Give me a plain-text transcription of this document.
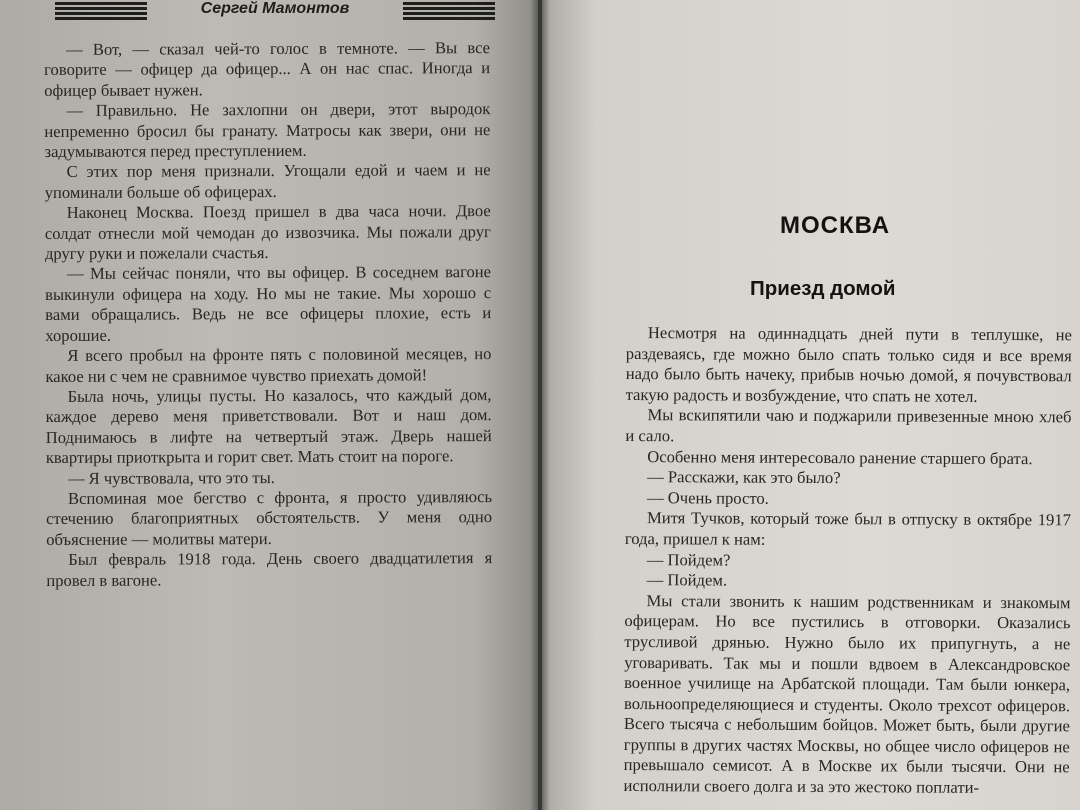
Сергей Мамонтов

— Вот, — сказал чей-то голос в темноте. — Вы все говорите — офицер да офицер... А он нас спас. Иногда и офицер бывает нужен.

— Правильно. Не захлопни он двери, этот выродок непременно бросил бы гранату. Матросы как звери, они не задумываются перед преступлением.

С этих пор меня признали. Угощали едой и чаем и не упоминали больше об офицерах.

Наконец Москва. Поезд пришел в два часа ночи. Двое солдат отнесли мой чемодан до извозчика. Мы пожали друг другу руки и пожелали счастья.

— Мы сейчас поняли, что вы офицер. В соседнем вагоне выкинули офицера на ходу. Но мы не такие. Мы хорошо с вами обращались. Ведь не все офицеры плохие, есть и хорошие.

Я всего пробыл на фронте пять с половиной месяцев, но какое ни с чем не сравнимое чувство приехать домой!

Была ночь, улицы пусты. Но казалось, что каждый дом, каждое дерево меня приветствовали. Вот и наш дом. Поднимаюсь в лифте на четвертый этаж. Дверь нашей квартиры приоткрыта и горит свет. Мать стоит на пороге.

— Я чувствовала, что это ты.

Вспоминая мое бегство с фронта, я просто удивляюсь стечению благоприятных обстоятельств. У меня одно объяснение — молитвы матери.

Был февраль 1918 года. День своего двадцатилетия я провел в вагоне.

МОСКВА
Приезд домой

Несмотря на одиннадцать дней пути в теплушке, не раздеваясь, где можно было спать только сидя и все время надо было быть начеку, прибыв ночью домой, я почувствовал такую радость и возбуждение, что спать не хотел.

Мы вскипятили чаю и поджарили привезенные мною хлеб и сало.

Особенно меня интересовало ранение старшего брата.

— Расскажи, как это было?

— Очень просто.

Митя Тучков, который тоже был в отпуску в октябре 1917 года, пришел к нам:

— Пойдем?

— Пойдем.

Мы стали звонить к нашим родственникам и знакомым офицерам. Но все пустились в отговорки. Оказались трусливой дрянью. Нужно было их припугнуть, а не уговаривать. Так мы и пошли вдвоем в Александровское военное училище на Арбатской площади. Там были юнкера, вольноопределяющиеся и студенты. Около трехсот офицеров. Всего тысяча с небольшим бойцов. Может быть, были другие группы в других частях Москвы, но общее число офицеров не превышало семисот. А в Москве их были тысячи. Они не исполнили своего долга и за это жестоко поплати-
